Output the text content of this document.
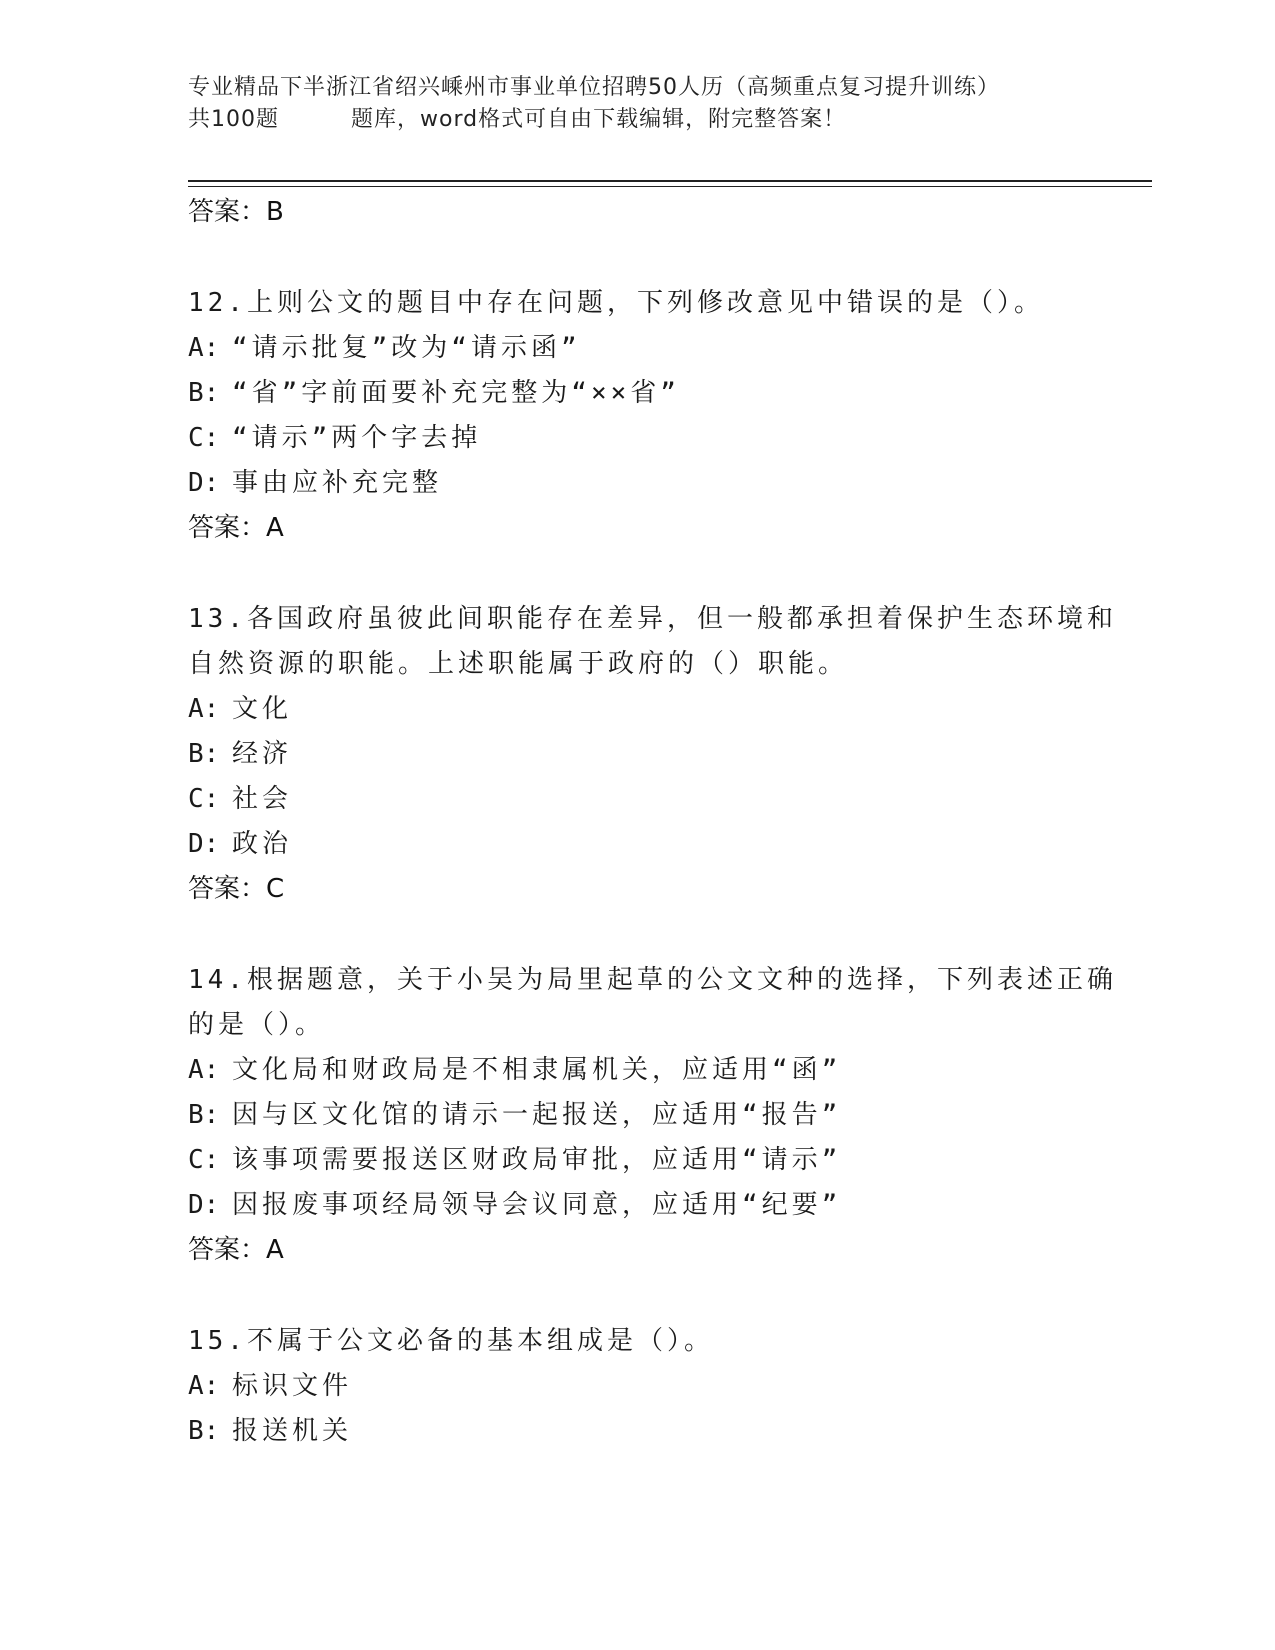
专业精品下半浙江省绍兴嵊州市事业单位招聘50人历（高频重点复习提升训练）
共100题	题库，word格式可自由下载编辑，附完整答案！
答案：B
12.上则公文的题目中存在问题，下列修改意见中错误的是（）。
A: “请示批复”改为“请示函”
B: “省”字前面要补充完整为“××省”
C: “请示”两个字去掉
D: 事由应补充完整
答案：A
13.各国政府虽彼此间职能存在差异，但一般都承担着保护生态环境和
自然资源的职能。上述职能属于政府的（）职能。
A: 文化
B: 经济
C: 社会
D: 政治
答案：C
14.根据题意，关于小吴为局里起草的公文文种的选择，下列表述正确
的是（）。
A: 文化局和财政局是不相隶属机关，应适用“函”
B: 因与区文化馆的请示一起报送，应适用“报告”
C: 该事项需要报送区财政局审批，应适用“请示”
D: 因报废事项经局领导会议同意，应适用“纪要”
答案：A
15.不属于公文必备的基本组成是（）。
A: 标识文件
B: 报送机关
